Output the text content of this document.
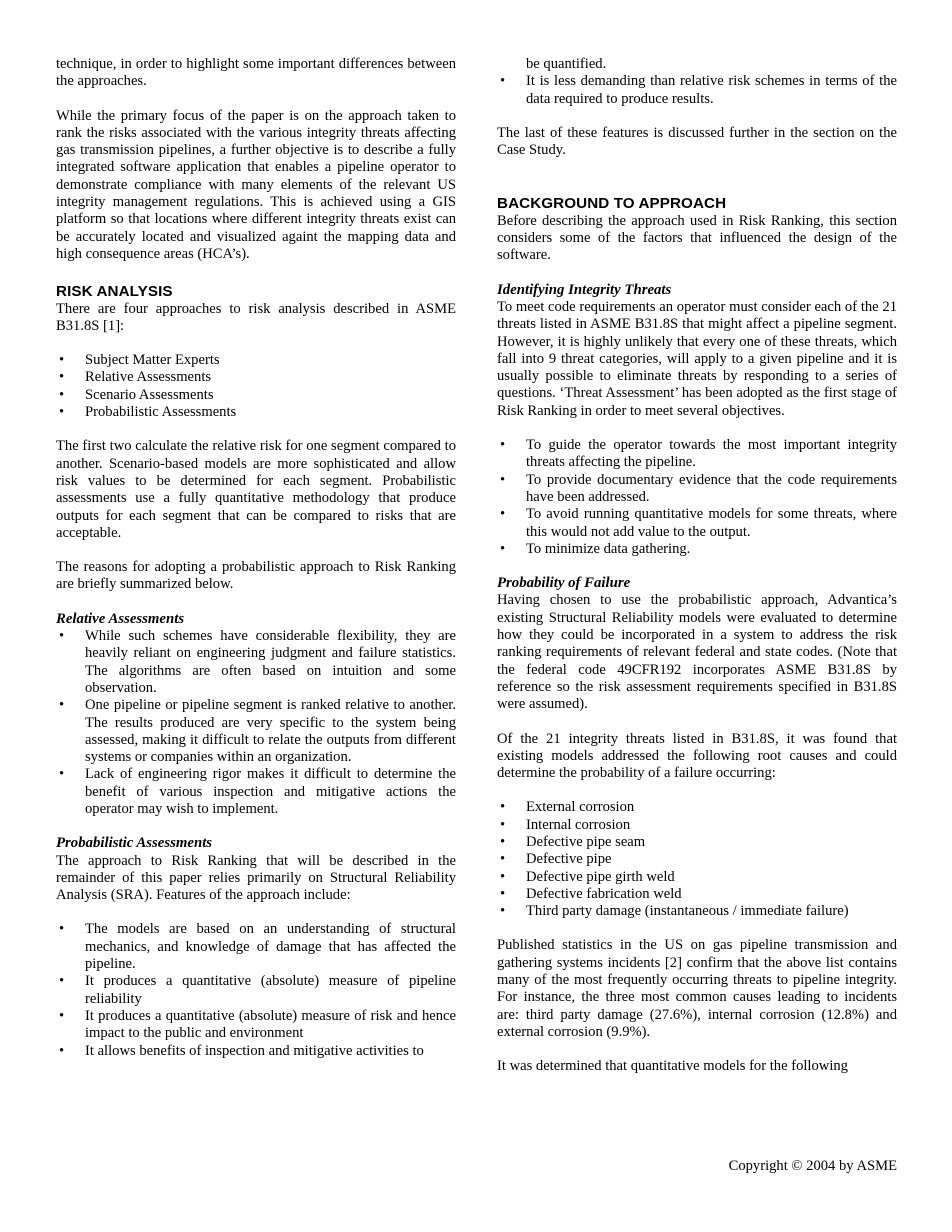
technique, in order to highlight some important differences between the approaches.

While the primary focus of the paper is on the approach taken to rank the risks associated with the various integrity threats affecting gas transmission pipelines, a further objective is to describe a fully integrated software application that enables a pipeline operator to demonstrate compliance with many elements of the relevant US integrity management regulations. This is achieved using a GIS platform so that locations where different integrity threats exist can be accurately located and visualized againt the mapping data and high consequence areas (HCA’s).

RISK ANALYSIS

There are four approaches to risk analysis described in ASME B31.8S [1]:

• Subject Matter Experts
• Relative Assessments
• Scenario Assessments
• Probabilistic Assessments

The first two calculate the relative risk for one segment compared to another. Scenario-based models are more sophisticated and allow risk values to be determined for each segment. Probabilistic assessments use a fully quantitative methodology that produce outputs for each segment that can be compared to risks that are acceptable.

The reasons for adopting a probabilistic approach to Risk Ranking are briefly summarized below.

Relative Assessments
• While such schemes have considerable flexibility, they are heavily reliant on engineering judgment and failure statistics. The algorithms are often based on intuition and some observation.
• One pipeline or pipeline segment is ranked relative to another. The results produced are very specific to the system being assessed, making it difficult to relate the outputs from different systems or companies within an organization.
• Lack of engineering rigor makes it difficult to determine the benefit of various inspection and mitigative actions the operator may wish to implement.
Probabilistic Assessments

The approach to Risk Ranking that will be described in the remainder of this paper relies primarily on Structural Reliability Analysis (SRA). Features of the approach include:

• The models are based on an understanding of structural mechanics, and knowledge of damage that has affected the pipeline.
• It produces a quantitative (absolute) measure of pipeline reliability
• It produces a quantitative (absolute) measure of risk and hence impact to the public and environment
• It allows benefits of inspection and mitigative activities to
be quantified.
• It is less demanding than relative risk schemes in terms of the data required to produce results.

The last of these features is discussed further in the section on the Case Study.

BACKGROUND TO APPROACH

Before describing the approach used in Risk Ranking, this section considers some of the factors that influenced the design of the software.

Identifying Integrity Threats

To meet code requirements an operator must consider each of the 21 threats listed in ASME B31.8S that might affect a pipeline segment. However, it is highly unlikely that every one of these threats, which fall into 9 threat categories, will apply to a given pipeline and it is usually possible to eliminate threats by responding to a series of questions. ‘Threat Assessment’ has been adopted as the first stage of Risk Ranking in order to meet several objectives.

• To guide the operator towards the most important integrity threats affecting the pipeline.
• To provide documentary evidence that the code requirements have been addressed.
• To avoid running quantitative models for some threats, where this would not add value to the output.
• To minimize data gathering.
Probability of Failure

Having chosen to use the probabilistic approach, Advantica’s existing Structural Reliability models were evaluated to determine how they could be incorporated in a system to address the risk ranking requirements of relevant federal and state codes. (Note that the federal code 49CFR192 incorporates ASME B31.8S by reference so the risk assessment requirements specified in B31.8S were assumed).

Of the 21 integrity threats listed in B31.8S, it was found that existing models addressed the following root causes and could determine the probability of a failure occurring:

• External corrosion
• Internal corrosion
• Defective pipe seam
• Defective pipe
• Defective pipe girth weld
• Defective fabrication weld
• Third party damage (instantaneous / immediate failure)

Published statistics in the US on gas pipeline transmission and gathering systems incidents [2] confirm that the above list contains many of the most frequently occurring threats to pipeline integrity. For instance, the three most common causes leading to incidents are: third party damage (27.6%), internal corrosion (12.8%) and external corrosion (9.9%).

It was determined that quantitative models for the following

Copyright © 2004 by ASME
